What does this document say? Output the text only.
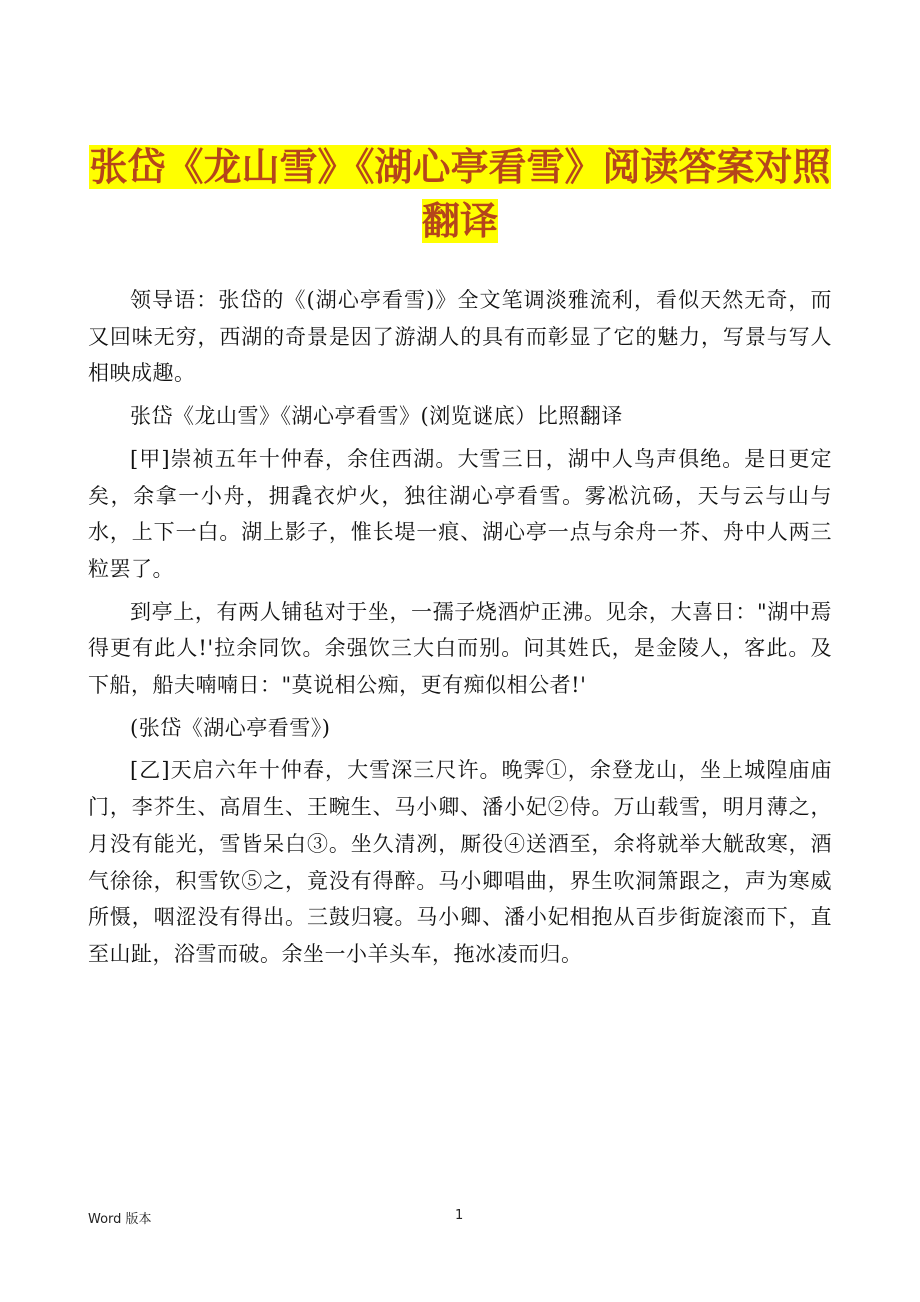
张岱《龙山雪》《湖心亭看雪》阅读答案对照翻译

领导语：张岱的《(湖心亭看雪)》全文笔调淡雅流利，看似天然无奇，而又回味无穷，西湖的奇景是因了游湖人的具有而彰显了它的魅力，写景与写人相映成趣。

张岱《龙山雪》《湖心亭看雪》(浏览谜底）比照翻译

[甲]崇祯五年十仲春，余住西湖。大雪三日，湖中人鸟声俱绝。是日更定矣，余拿一小舟，拥毳衣炉火，独往湖心亭看雪。雾凇沆砀，天与云与山与水，上下一白。湖上影子，惟长堤一痕、湖心亭一点与余舟一芥、舟中人两三粒罢了。

到亭上，有两人铺毡对于坐，一孺子烧酒炉正沸。见余，大喜日："湖中焉得更有此人!'拉余同饮。余强饮三大白而别。问其姓氏，是金陵人，客此。及下船，船夫喃喃日："莫说相公痴，更有痴似相公者!'

(张岱《湖心亭看雪》)

[乙]天启六年十仲春，大雪深三尺许。晚霁①，余登龙山，坐上城隍庙庙门，李芥生、高眉生、王畹生、马小卿、潘小妃②侍。万山载雪，明月薄之，月没有能光，雪皆呆白③。坐久清冽，厮役④送酒至，余将就举大觥敌寒，酒气徐徐，积雪钦⑤之，竟没有得醉。马小卿唱曲，界生吹洞箫跟之，声为寒威所慑，咽涩没有得出。三鼓归寝。马小卿、潘小妃相抱从百步街旋滚而下，直至山趾，浴雪而破。余坐一小羊头车，拖冰凌而归。

Word 版本	1
